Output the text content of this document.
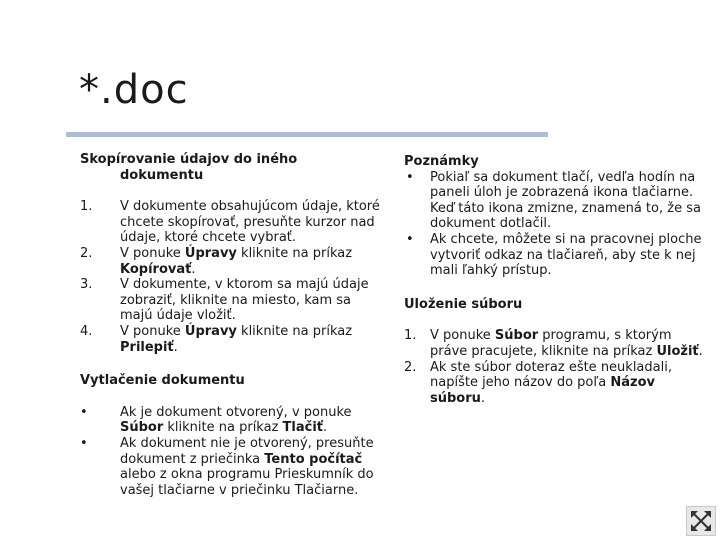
*.doc
Skopírovanie údajov do iného
dokumentu
1. V dokumente obsahujúcom údaje, ktoré chcete skopírovať, presuňte kurzor nad údaje, ktoré chcete vybrať.
2. V ponuke Úpravy kliknite na príkaz Kopírovať.
3. V dokumente, v ktorom sa majú údaje zobraziť, kliknite na miesto, kam sa majú údaje vložiť.
4. V ponuke Úpravy kliknite na príkaz Prilepiť.
Vytlačenie dokumentu
• Ak je dokument otvorený, v ponuke Súbor kliknite na príkaz Tlačiť.
• Ak dokument nie je otvorený, presuňte dokument z priečinka Tento počítač alebo z okna programu Prieskumník do vašej tlačiarne v priečinku Tlačiarne.
Poznámky
• Pokiaľ sa dokument tlačí, vedľa hodín na paneli úloh je zobrazená ikona tlačiarne. Keď táto ikona zmizne, znamená to, že sa dokument dotlačil.
• Ak chcete, môžete si na pracovnej ploche vytvoriť odkaz na tlačiareň, aby ste k nej mali ľahký prístup.
Uloženie súboru
1. V ponuke Súbor programu, s ktorým práve pracujete, kliknite na príkaz Uložiť.
2. Ak ste súbor doteraz ešte neukladali, napíšte jeho názov do poľa Názov súboru.
